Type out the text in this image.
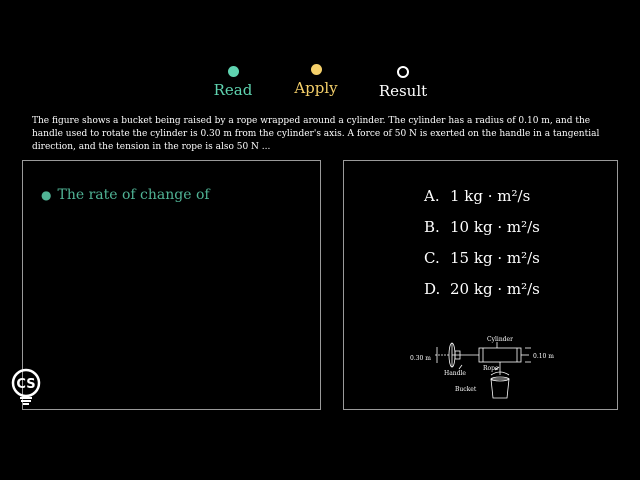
Read	Apply	Result
The figure shows a bucket being raised by a rope wrapped around a cylinder. The cylinder has a radius of 0.10 m, and the handle used to rotate the cylinder is 0.30 m from the cylinder's axis. A force of 50 N is exerted on the handle in a tangential direction, and the tension in the rope is also 50 N ...
● The rate of change of	A. 1 kg · m²/s
B. 10 kg · m²/s
C. 15 kg · m²/s
D. 20 kg · m²/s
Cylinder
0.10 m
0.30 m
Handle
Rope
Bucket
CS
